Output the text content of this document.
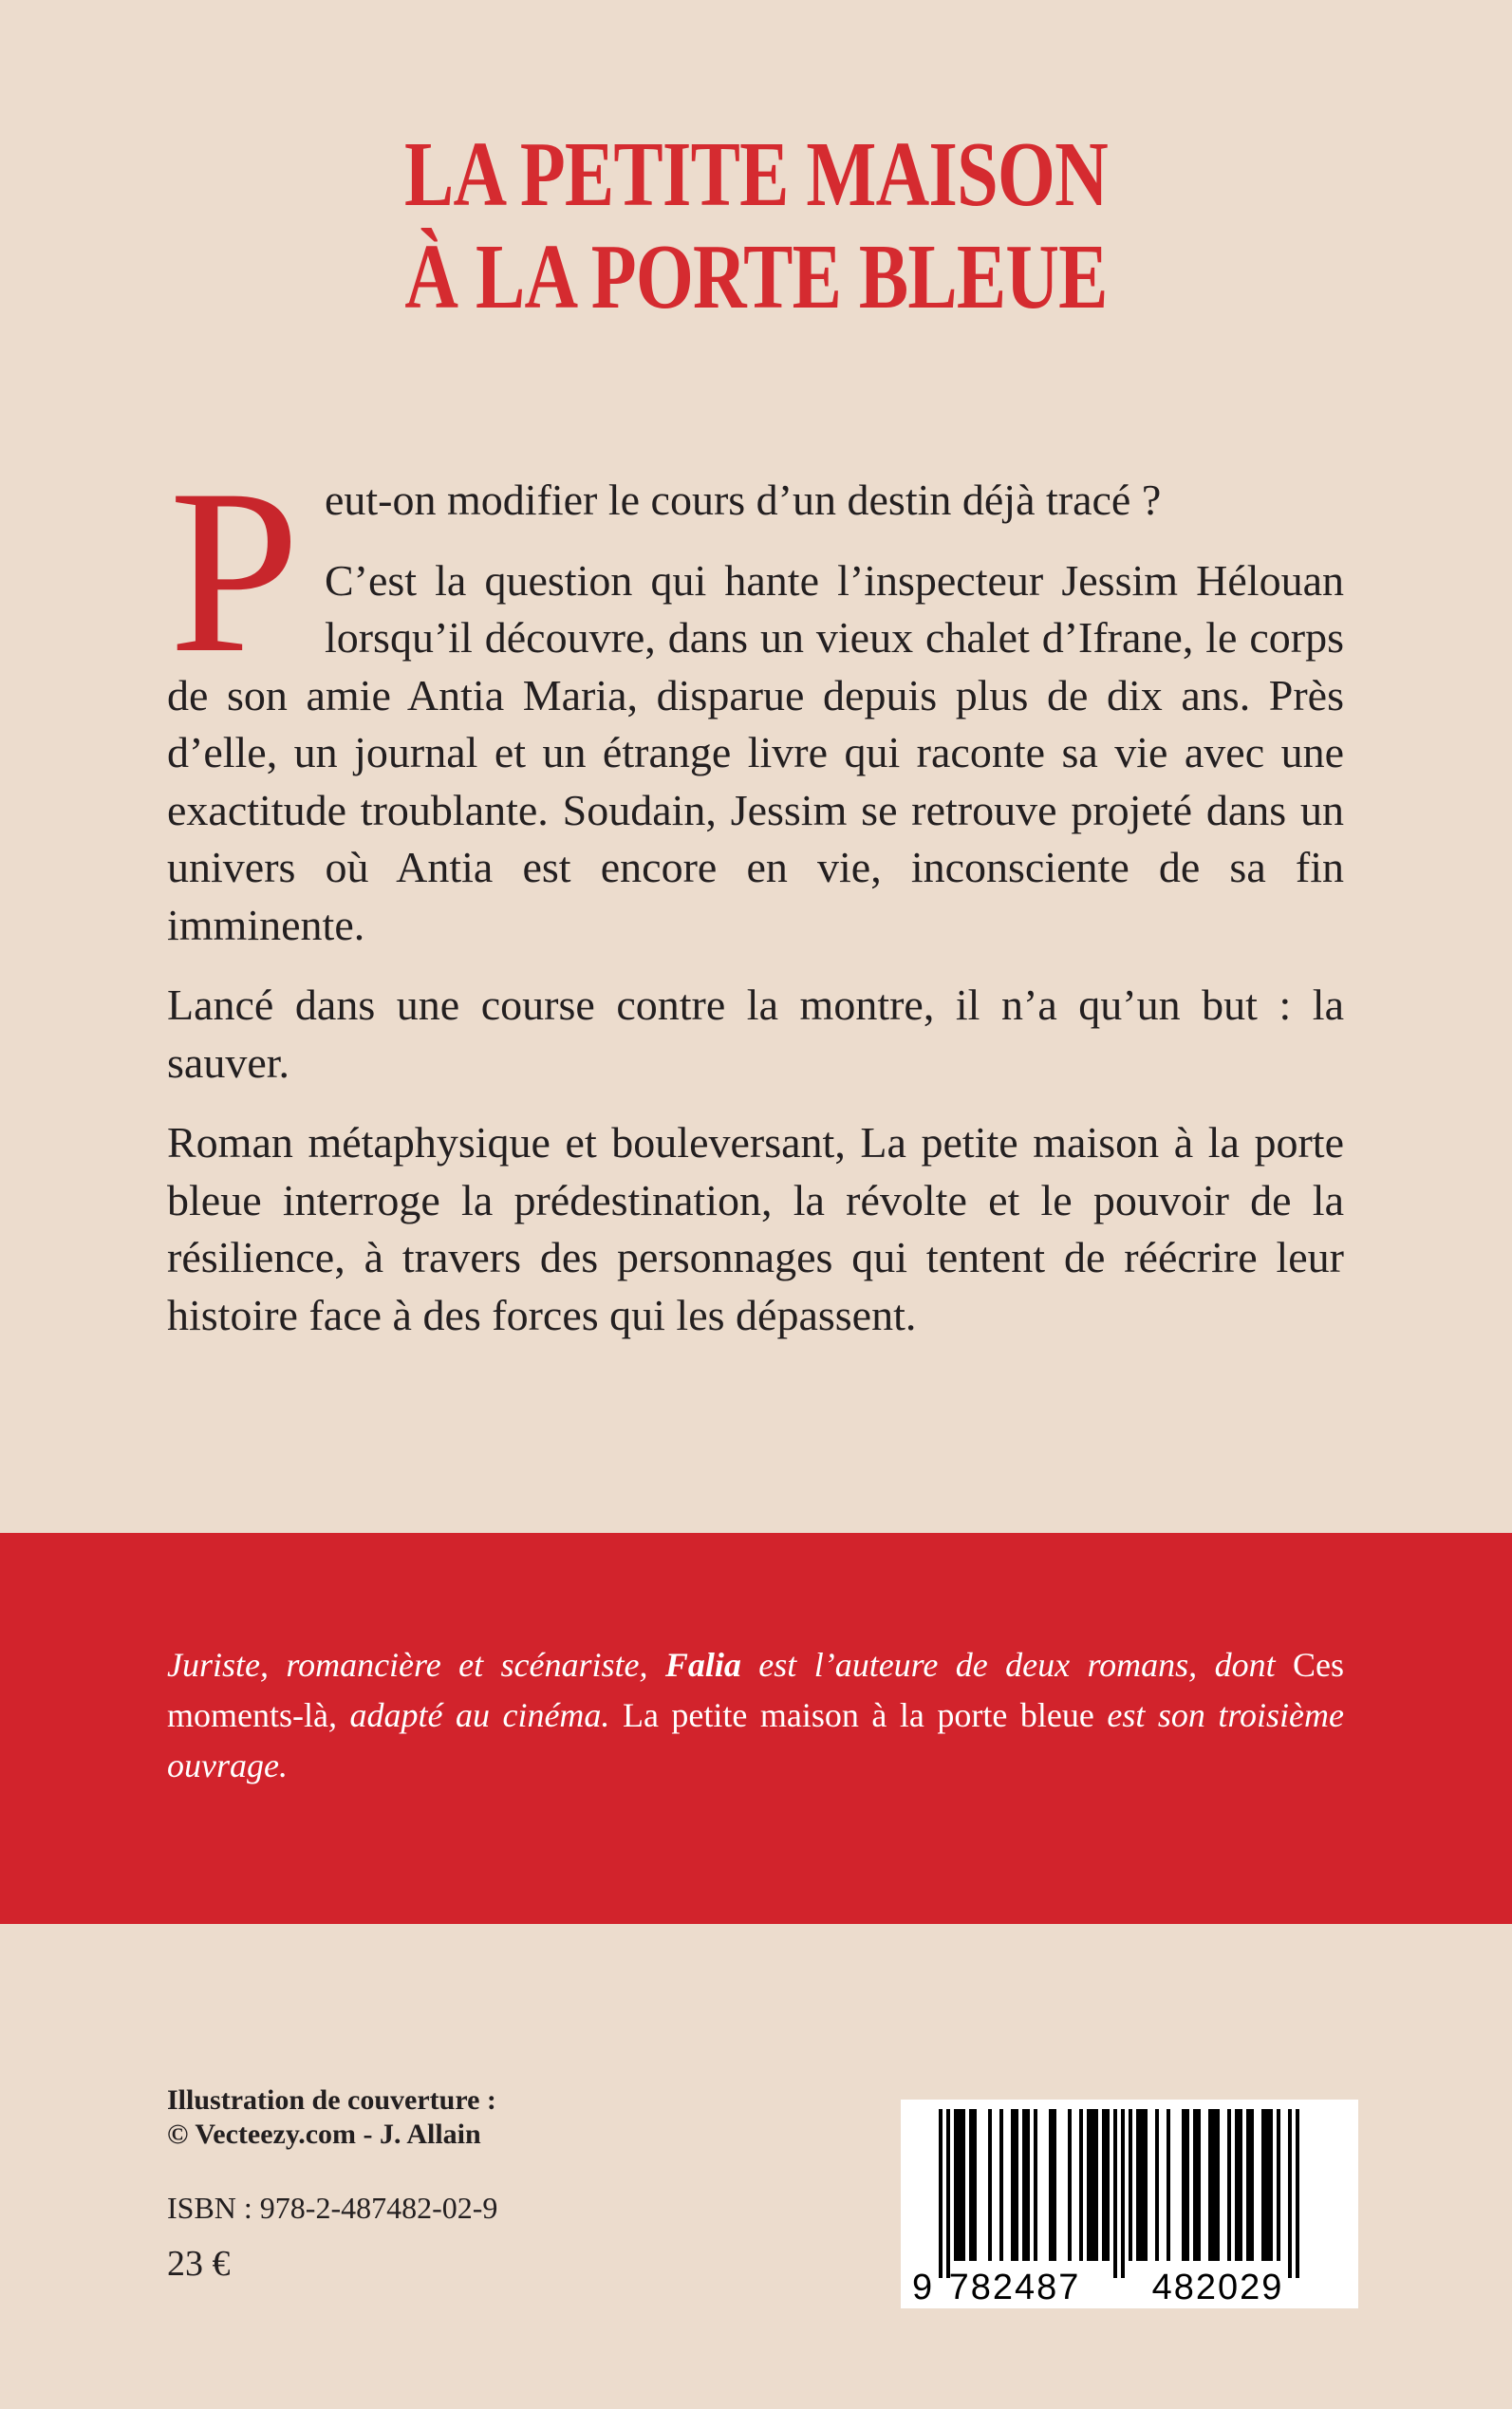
LA PETITE MAISON
À LA PORTE BLEUE

Peut-on modifier le cours d’un destin déjà tracé ?

C’est la question qui hante l’inspecteur Jessim Hélouan lorsqu’il découvre, dans un vieux chalet d’Ifrane, le corps de son amie Antia Maria, disparue depuis plus de dix ans. Près d’elle, un journal et un étrange livre qui raconte sa vie avec une exactitude troublante. Soudain, Jessim se retrouve projeté dans un univers où Antia est encore en vie, inconsciente de sa fin imminente.

Lancé dans une course contre la montre, il n’a qu’un but : la sauver.

Roman métaphysique et bouleversant, La petite maison à la porte bleue interroge la prédestination, la révolte et le pouvoir de la résilience, à travers des personnages qui tentent de réécrire leur histoire face à des forces qui les dépassent.

Juriste, romancière et scénariste, Falia est l’auteure de deux romans, dont Ces moments-là, adapté au cinéma. La petite maison à la porte bleue est son troisième ouvrage.
Illustration de couverture :
© Vecteezy.com - J. Allain
ISBN : 978-2-487482-02-9
23 €
9 782487 482029
